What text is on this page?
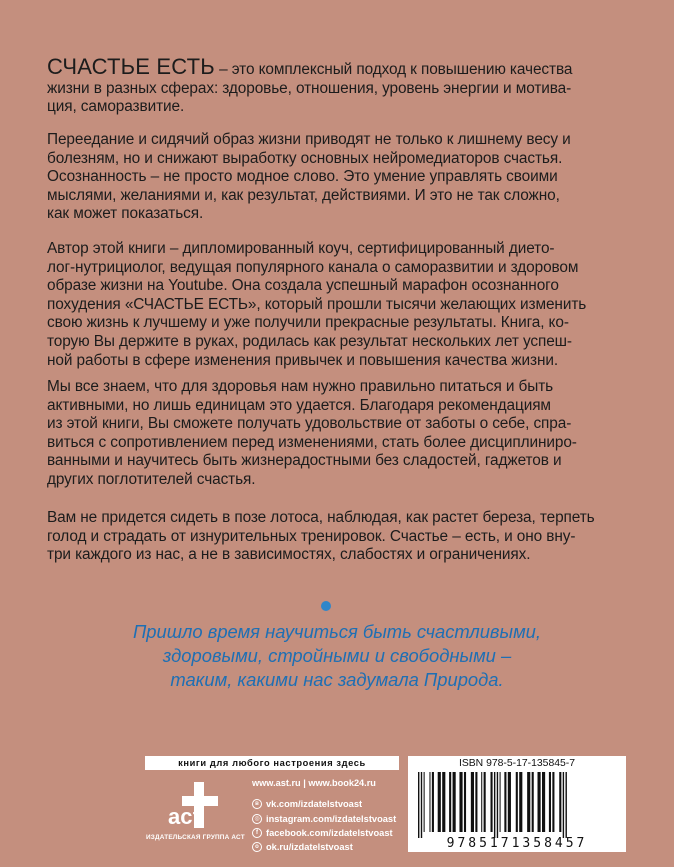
СЧАСТЬЕ ЕСТЬ – это комплексный подход к повышению качества
жизни в разных сферах: здоровье, отношения, уровень энергии и мотива-
ция, саморазвитие.
Переедание и сидячий образ жизни приводят не только к лишнему весу и
болезням, но и снижают выработку основных нейромедиаторов счастья.
Осознанность – не просто модное слово. Это умение управлять своими
мыслями, желаниями и, как результат, действиями. И это не так сложно,
как может показаться.
Автор этой книги – дипломированный коуч, сертифицированный дието-
лог-нутрициолог, ведущая популярного канала о саморазвитии и здоровом
образе жизни на Youtube. Она создала успешный марафон осознанного
похудения «СЧАСТЬЕ ЕСТЬ», который прошли тысячи желающих изменить
свою жизнь к лучшему и уже получили прекрасные результаты. Книга, ко-
торую Вы держите в руках, родилась как результат нескольких лет успеш-
ной работы в сфере изменения привычек и повышения качества жизни.
Мы все знаем, что для здоровья нам нужно правильно питаться и быть
активными, но лишь единицам это удается. Благодаря рекомендациям
из этой книги, Вы сможете получать удовольствие от заботы о себе, спра-
виться с сопротивлением перед изменениями, стать более дисциплиниро-
ванными и научитесь быть жизнерадостными без сладостей, гаджетов и
других поглотителей счастья.
Вам не придется сидеть в позе лотоса, наблюдая, как растет береза, терпеть
голод и страдать от изнурительных тренировок. Счастье – есть, и оно вну-
три каждого из нас, а не в зависимостях, слабостях и ограничениях.
Пришло время научиться быть счастливыми,
здоровыми, стройными и свободными –
таким, какими нас задумала Природа.
книги для любого настроения здесь
аст
ИЗДАТЕЛЬСКАЯ ГРУППА АСТ
www.ast.ru | www.book24.ru
в vk.com/izdatelstvoast
◎ instagram.com/izdatelstvoast
f facebook.com/izdatelstvoast
о ok.ru/izdatelstvoast
ISBN 978-5-17-135845-7
9785171358457
